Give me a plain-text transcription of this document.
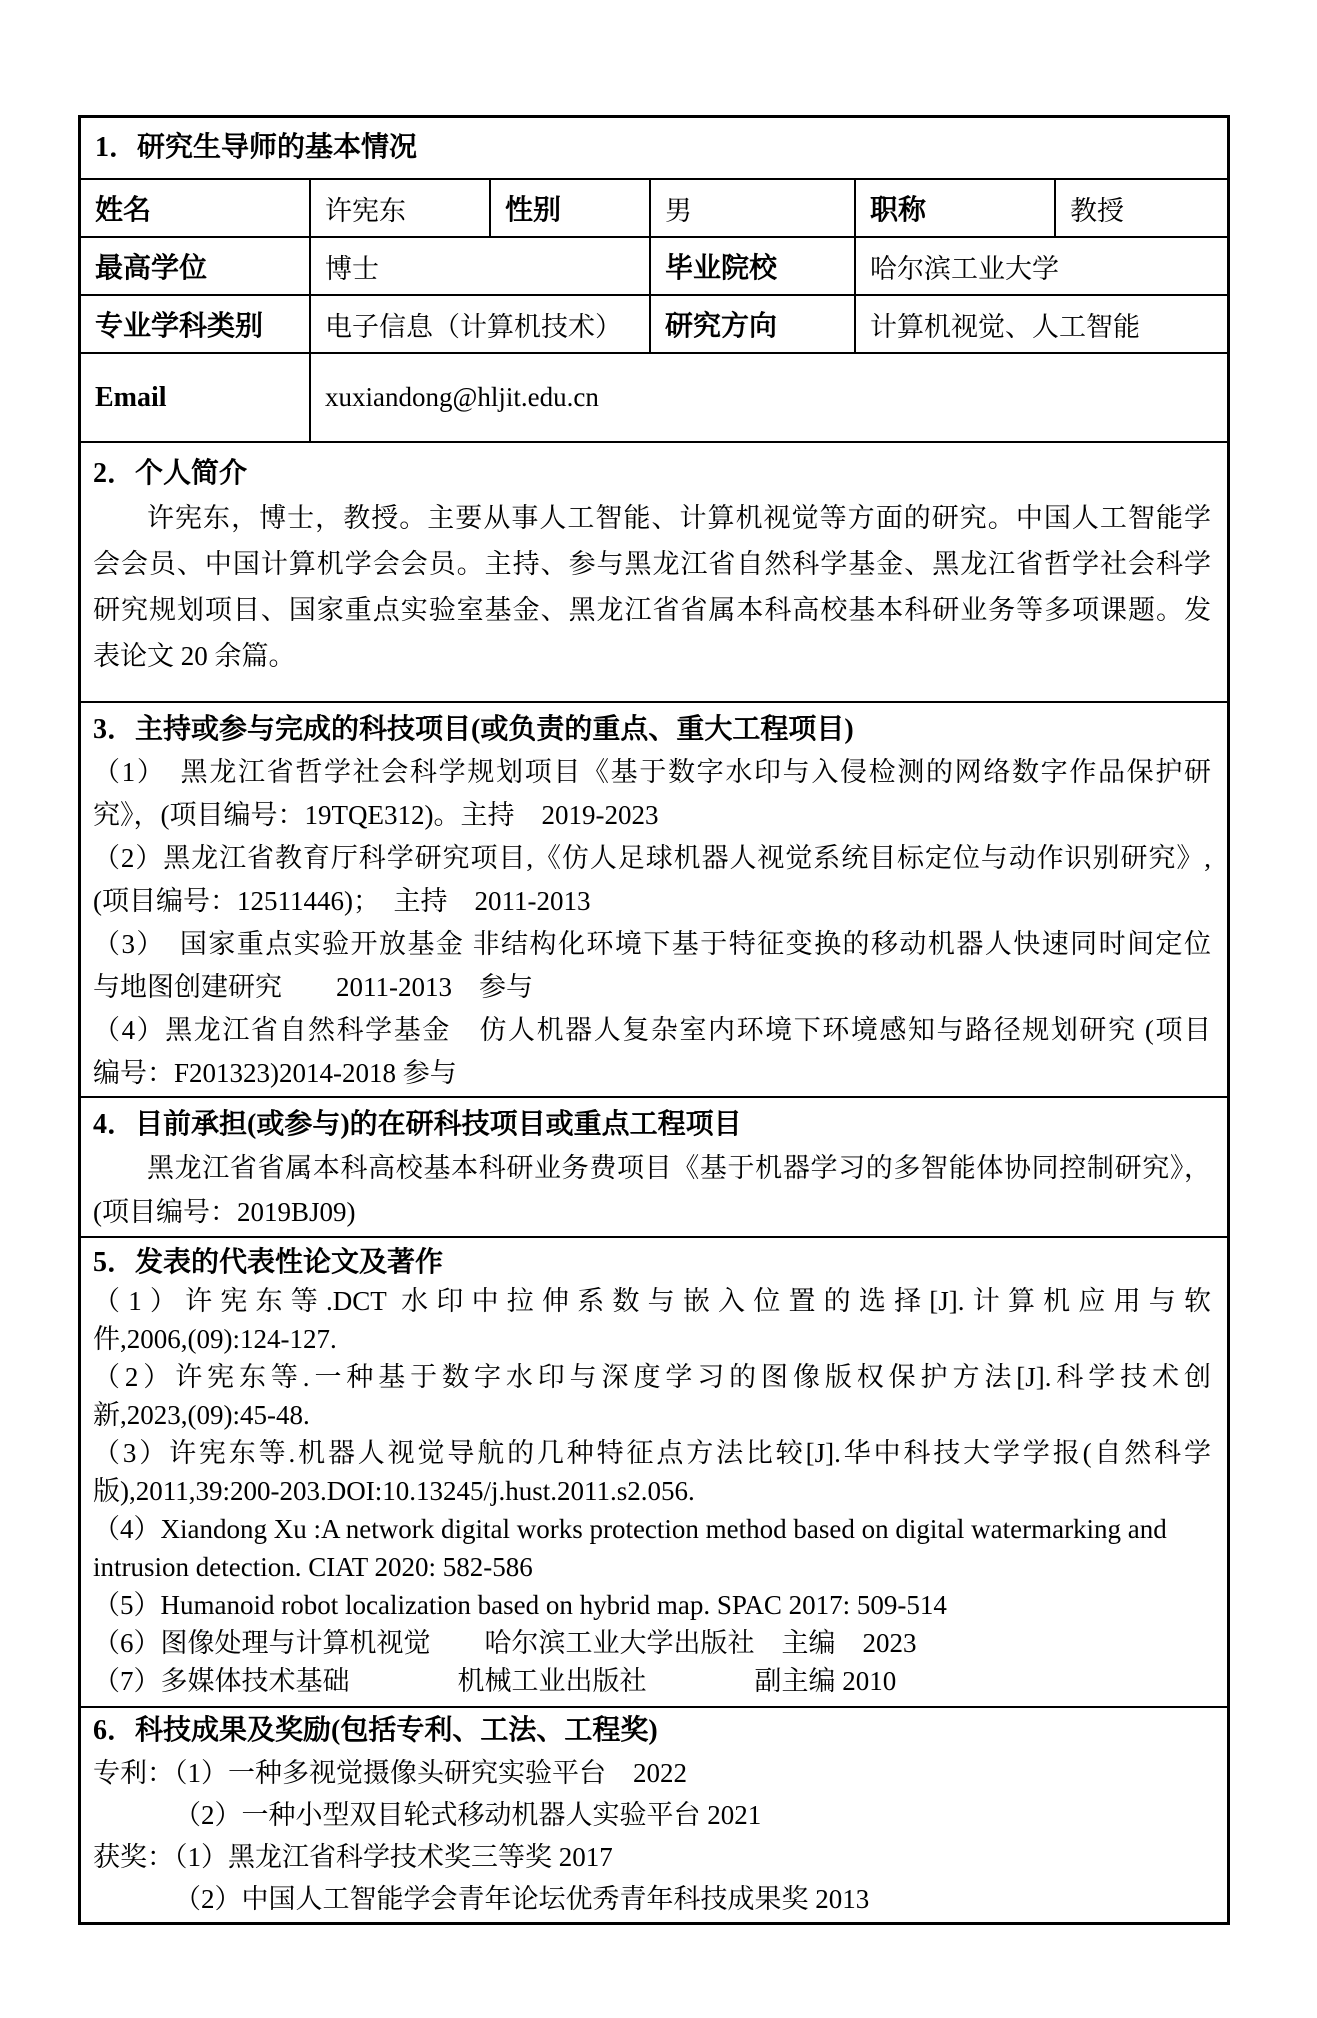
1．研究生导师的基本情况
姓名	许宪东	性别	男	职称	教授
最高学位	博士	毕业院校	哈尔滨工业大学
专业学科类别	电子信息（计算机技术）	研究方向	计算机视觉、人工智能
Email	xuxiandong@hljit.edu.cn
2．个人简介
许宪东，博士，教授。主要从事人工智能、计算机视觉等方面的研究。中国人工智能学
会会员、中国计算机学会会员。主持、参与黑龙江省自然科学基金、黑龙江省哲学社会科学
研究规划项目、国家重点实验室基金、黑龙江省省属本科高校基本科研业务等多项课题。发
表论文 20 余篇。
3．主持或参与完成的科技项目(或负责的重点、重大工程项目)
（1）　黑龙江省哲学社会科学规划项目《基于数字水印与入侵检测的网络数字作品保护研
究》，(项目编号：19TQE312)。主持　2019-2023
（2）黑龙江省教育厅科学研究项目,《仿人足球机器人视觉系统目标定位与动作识别研究》,
(项目编号：12511446)；　主持　2011-2013
（3）　国家重点实验开放基金 非结构化环境下基于特征变换的移动机器人快速同时间定位
与地图创建研究　　2011-2013　参与
（4）黑龙江省自然科学基金　仿人机器人复杂室内环境下环境感知与路径规划研究 (项目
编号：F201323)2014-2018 参与
4．目前承担(或参与)的在研科技项目或重点工程项目
黑龙江省省属本科高校基本科研业务费项目《基于机器学习的多智能体协同控制研究》，
(项目编号：2019BJ09)
5．发表的代表性论文及著作
（1）许宪东等.DCT 水印中拉伸系数与嵌入位置的选择[J].计算机应用与软
件,2006,(09):124-127.
（2）许宪东等.一种基于数字水印与深度学习的图像版权保护方法[J].科学技术创
新,2023,(09):45-48.
（3）许宪东等.机器人视觉导航的几种特征点方法比较[J].华中科技大学学报(自然科学
版),2011,39:200-203.DOI:10.13245/j.hust.2011.s2.056.
（4）Xiandong Xu :A network digital works protection method based on digital watermarking and
intrusion detection. CIAT 2020: 582-586
（5）Humanoid robot localization based on hybrid map. SPAC 2017: 509-514
（6）图像处理与计算机视觉　　哈尔滨工业大学出版社　主编　2023
（7）多媒体技术基础　　　　机械工业出版社　　　　副主编 2010
6．科技成果及奖励(包括专利、工法、工程奖)
专利：（1）一种多视觉摄像头研究实验平台　2022
（2）一种小型双目轮式移动机器人实验平台 2021
获奖：（1）黑龙江省科学技术奖三等奖 2017
（2）中国人工智能学会青年论坛优秀青年科技成果奖 2013
